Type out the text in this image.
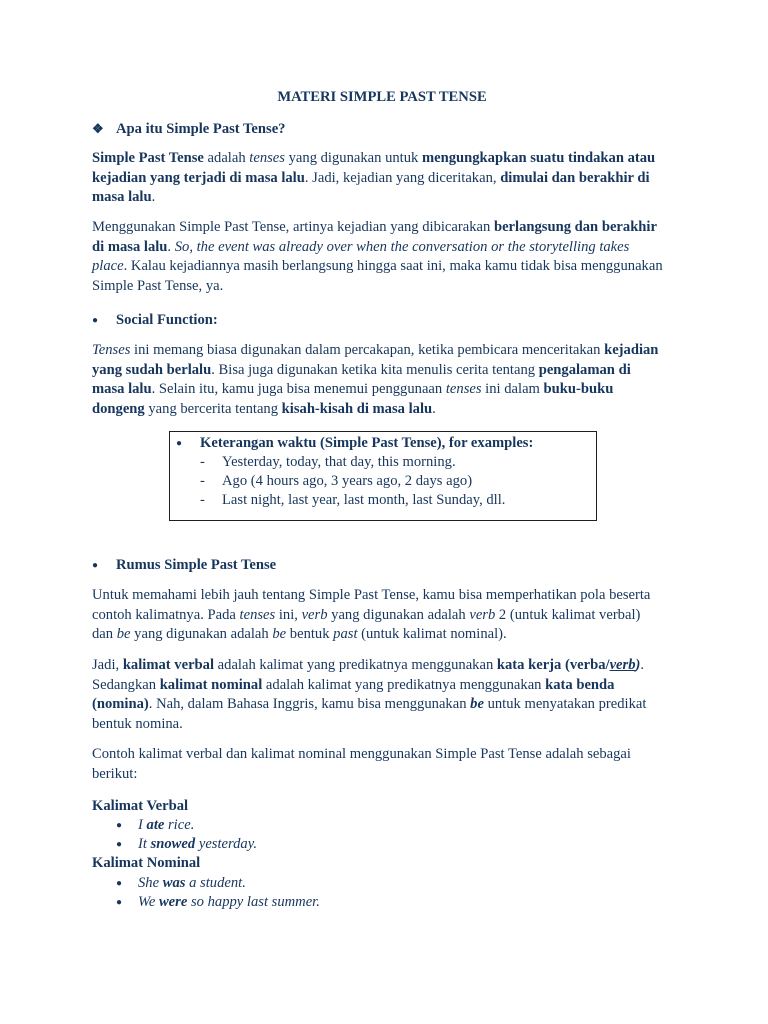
MATERI SIMPLE PAST TENSE
❖ Apa itu Simple Past Tense?

Simple Past Tense adalah tenses yang digunakan untuk mengungkapkan suatu tindakan atau kejadian yang terjadi di masa lalu. Jadi, kejadian yang diceritakan, dimulai dan berakhir di masa lalu.

Menggunakan Simple Past Tense, artinya kejadian yang dibicarakan berlangsung dan berakhir di masa lalu. So, the event was already over when the conversation or the storytelling takes place. Kalau kejadiannya masih berlangsung hingga saat ini, maka kamu tidak bisa menggunakan Simple Past Tense, ya.

● Social Function:

Tenses ini memang biasa digunakan dalam percakapan, ketika pembicara menceritakan kejadian yang sudah berlalu. Bisa juga digunakan ketika kita menulis cerita tentang pengalaman di masa lalu. Selain itu, kamu juga bisa menemui penggunaan tenses ini dalam buku-buku dongeng yang bercerita tentang kisah-kisah di masa lalu.

● Keterangan waktu (Simple Past Tense), for examples:
- Yesterday, today, that day, this morning.
- Ago (4 hours ago, 3 years ago, 2 days ago)
- Last night, last year, last month, last Sunday, dll.
● Rumus Simple Past Tense

Untuk memahami lebih jauh tentang Simple Past Tense, kamu bisa memperhatikan pola beserta contoh kalimatnya. Pada tenses ini, verb yang digunakan adalah verb 2 (untuk kalimat verbal) dan be yang digunakan adalah be bentuk past (untuk kalimat nominal).

Jadi, kalimat verbal adalah kalimat yang predikatnya menggunakan kata kerja (verba/verb). Sedangkan kalimat nominal adalah kalimat yang predikatnya menggunakan kata benda (nomina). Nah, dalam Bahasa Inggris, kamu bisa menggunakan be untuk menyatakan predikat bentuk nomina.

Contoh kalimat verbal dan kalimat nominal menggunakan Simple Past Tense adalah sebagai berikut:

Kalimat Verbal
● I ate rice.
● It snowed yesterday.
Kalimat Nominal
● She was a student.
● We were so happy last summer.
